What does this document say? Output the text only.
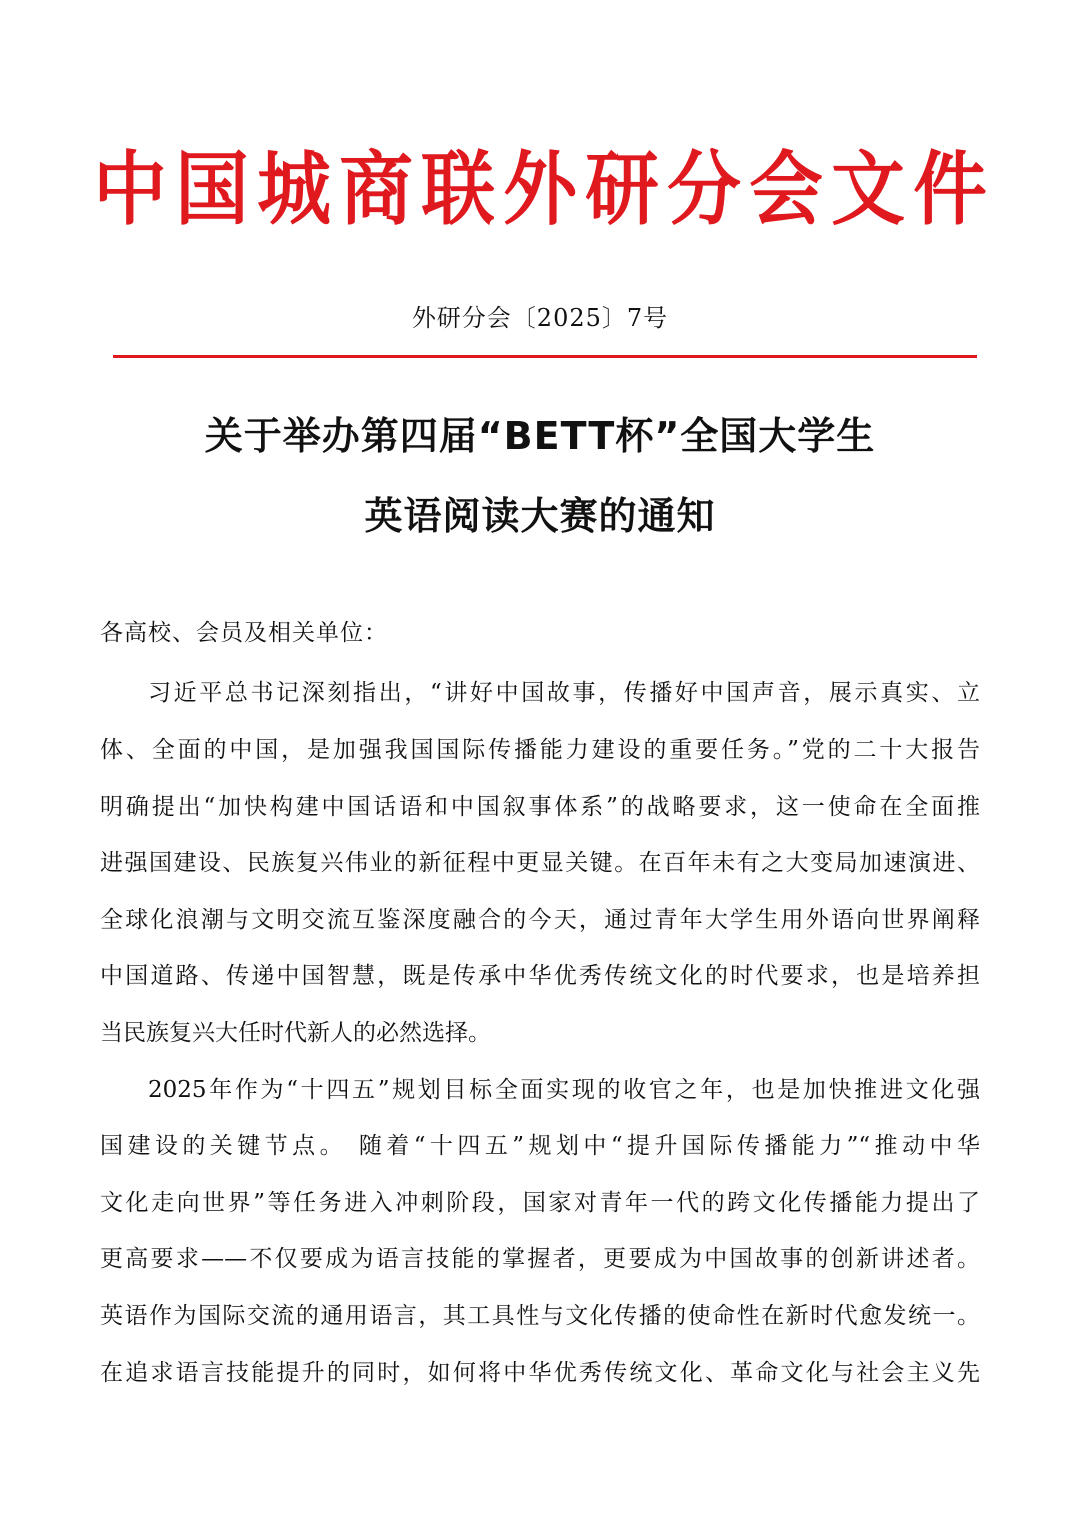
中 国 城 商 联 外 研 分 会 文 件
外研分会〔2025〕7号
关于举办第四届“BETT杯”全国大学生
英语阅读大赛的通知
各高校、会员及相关单位：
习近平总书记深刻指出，“讲好中国故事，传播好中国声音，展示真实、立
体、全面的中国，是加强我国国际传播能力建设的重要任务。”党的二十大报告
明确提出“加快构建中国话语和中国叙事体系”的战略要求，这一使命在全面推
进强国建设、民族复兴伟业的新征程中更显关键。在百年未有之大变局加速演进、
全球化浪潮与文明交流互鉴深度融合的今天，通过青年大学生用外语向世界阐释
中国道路、传递中国智慧，既是传承中华优秀传统文化的时代要求，也是培养担
当民族复兴大任时代新人的必然选择。
2025年作为“十四五”规划目标全面实现的收官之年，也是加快推进文化强
国建设的关键节点。 随着“十四五”规划中“提升国际传播能力”“推动中华
文化走向世界”等任务进入冲刺阶段，国家对青年一代的跨文化传播能力提出了
更高要求——不仅要成为语言技能的掌握者，更要成为中国故事的创新讲述者。
英语作为国际交流的通用语言，其工具性与文化传播的使命性在新时代愈发统一。
在追求语言技能提升的同时，如何将中华优秀传统文化、革命文化与社会主义先
